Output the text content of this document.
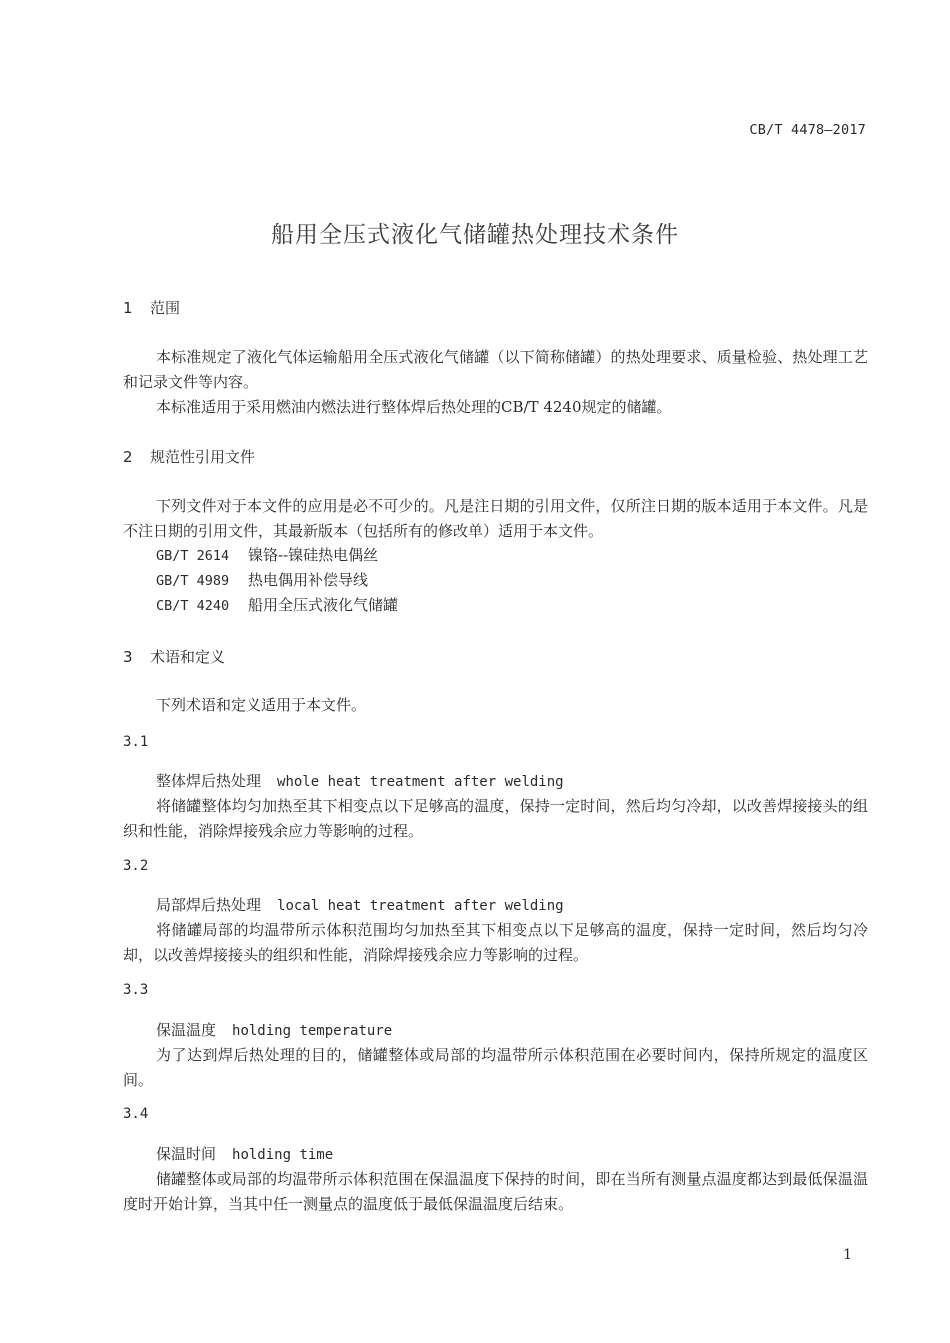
CB/T 4478—2017
船用全压式液化气储罐热处理技术条件
1 范围
本标准规定了液化气体运输船用全压式液化气储罐（以下简称储罐）的热处理要求、质量检验、热处理工艺和记录文件等内容。
本标准适用于采用燃油内燃法进行整体焊后热处理的CB/T 4240规定的储罐。
2 规范性引用文件
下列文件对于本文件的应用是必不可少的。凡是注日期的引用文件，仅所注日期的版本适用于本文件。凡是不注日期的引用文件，其最新版本（包括所有的修改单）适用于本文件。
GB/T 2614 镍铬--镍硅热电偶丝
GB/T 4989 热电偶用补偿导线
CB/T 4240 船用全压式液化气储罐
3 术语和定义
下列术语和定义适用于本文件。
3.1
整体焊后热处理 whole heat treatment after welding
将储罐整体均匀加热至其下相变点以下足够高的温度，保持一定时间，然后均匀冷却，以改善焊接接头的组织和性能，消除焊接残余应力等影响的过程。
3.2
局部焊后热处理 local heat treatment after welding
将储罐局部的均温带所示体积范围均匀加热至其下相变点以下足够高的温度，保持一定时间，然后均匀冷却，以改善焊接接头的组织和性能，消除焊接残余应力等影响的过程。
3.3
保温温度 holding temperature
为了达到焊后热处理的目的，储罐整体或局部的均温带所示体积范围在必要时间内，保持所规定的温度区间。
3.4
保温时间 holding time
储罐整体或局部的均温带所示体积范围在保温温度下保持的时间，即在当所有测量点温度都达到最低保温温度时开始计算，当其中任一测量点的温度低于最低保温温度后结束。
1
